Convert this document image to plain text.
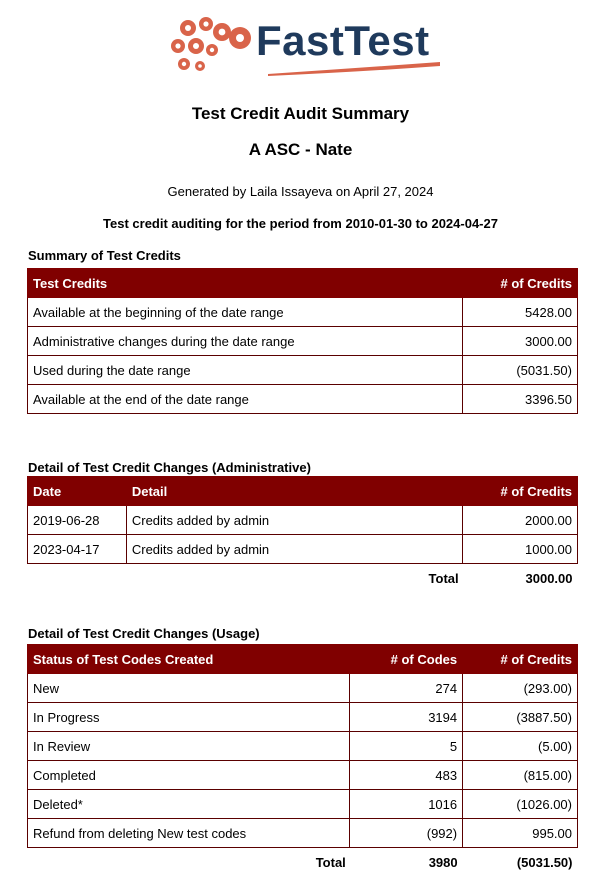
FastTest
Test Credit Audit Summary
A ASC - Nate
Generated by Laila Issayeva on April 27, 2024
Test credit auditing for the period from 2010-01-30 to 2024-04-27
Summary of Test Credits
Test Credits	# of Credits
Available at the beginning of the date range	5428.00
Administrative changes during the date range	3000.00
Used during the date range	(5031.50)
Available at the end of the date range	3396.50
Detail of Test Credit Changes (Administrative)
Date	Detail	# of Credits
2019-06-28	Credits added by admin	2000.00
2023-04-17	Credits added by admin	1000.00
	Total	3000.00
Detail of Test Credit Changes (Usage)
Status of Test Codes Created	# of Codes	# of Credits
New	274	(293.00)
In Progress	3194	(3887.50)
In Review	5	(5.00)
Completed	483	(815.00)
Deleted*	1016	(1026.00)
Refund from deleting New test codes	(992)	995.00
Total	3980	(5031.50)
